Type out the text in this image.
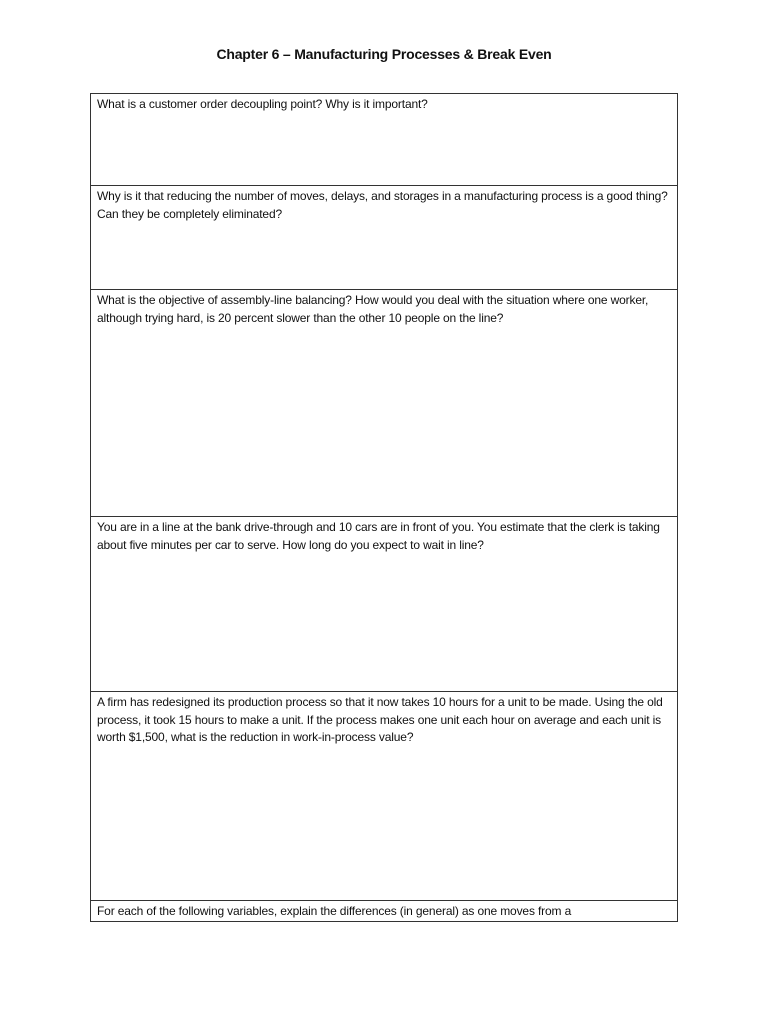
Chapter 6 – Manufacturing Processes & Break Even
What is a customer order decoupling point? Why is it important?

Why is it that reducing the number of moves, delays, and storages in a manufacturing process is a good thing? Can they be completely eliminated?

What is the objective of assembly-line balancing? How would you deal with the situation where one worker, although trying hard, is 20 percent slower than the other 10 people on the line?

You are in a line at the bank drive-through and 10 cars are in front of you. You estimate that the clerk is taking about five minutes per car to serve. How long do you expect to wait in line?

A firm has redesigned its production process so that it now takes 10 hours for a unit to be made. Using the old process, it took 15 hours to make a unit. If the process makes one unit each hour on average and each unit is worth $1,500, what is the reduction in work-in-process value?

For each of the following variables, explain the differences (in general) as one moves from a
